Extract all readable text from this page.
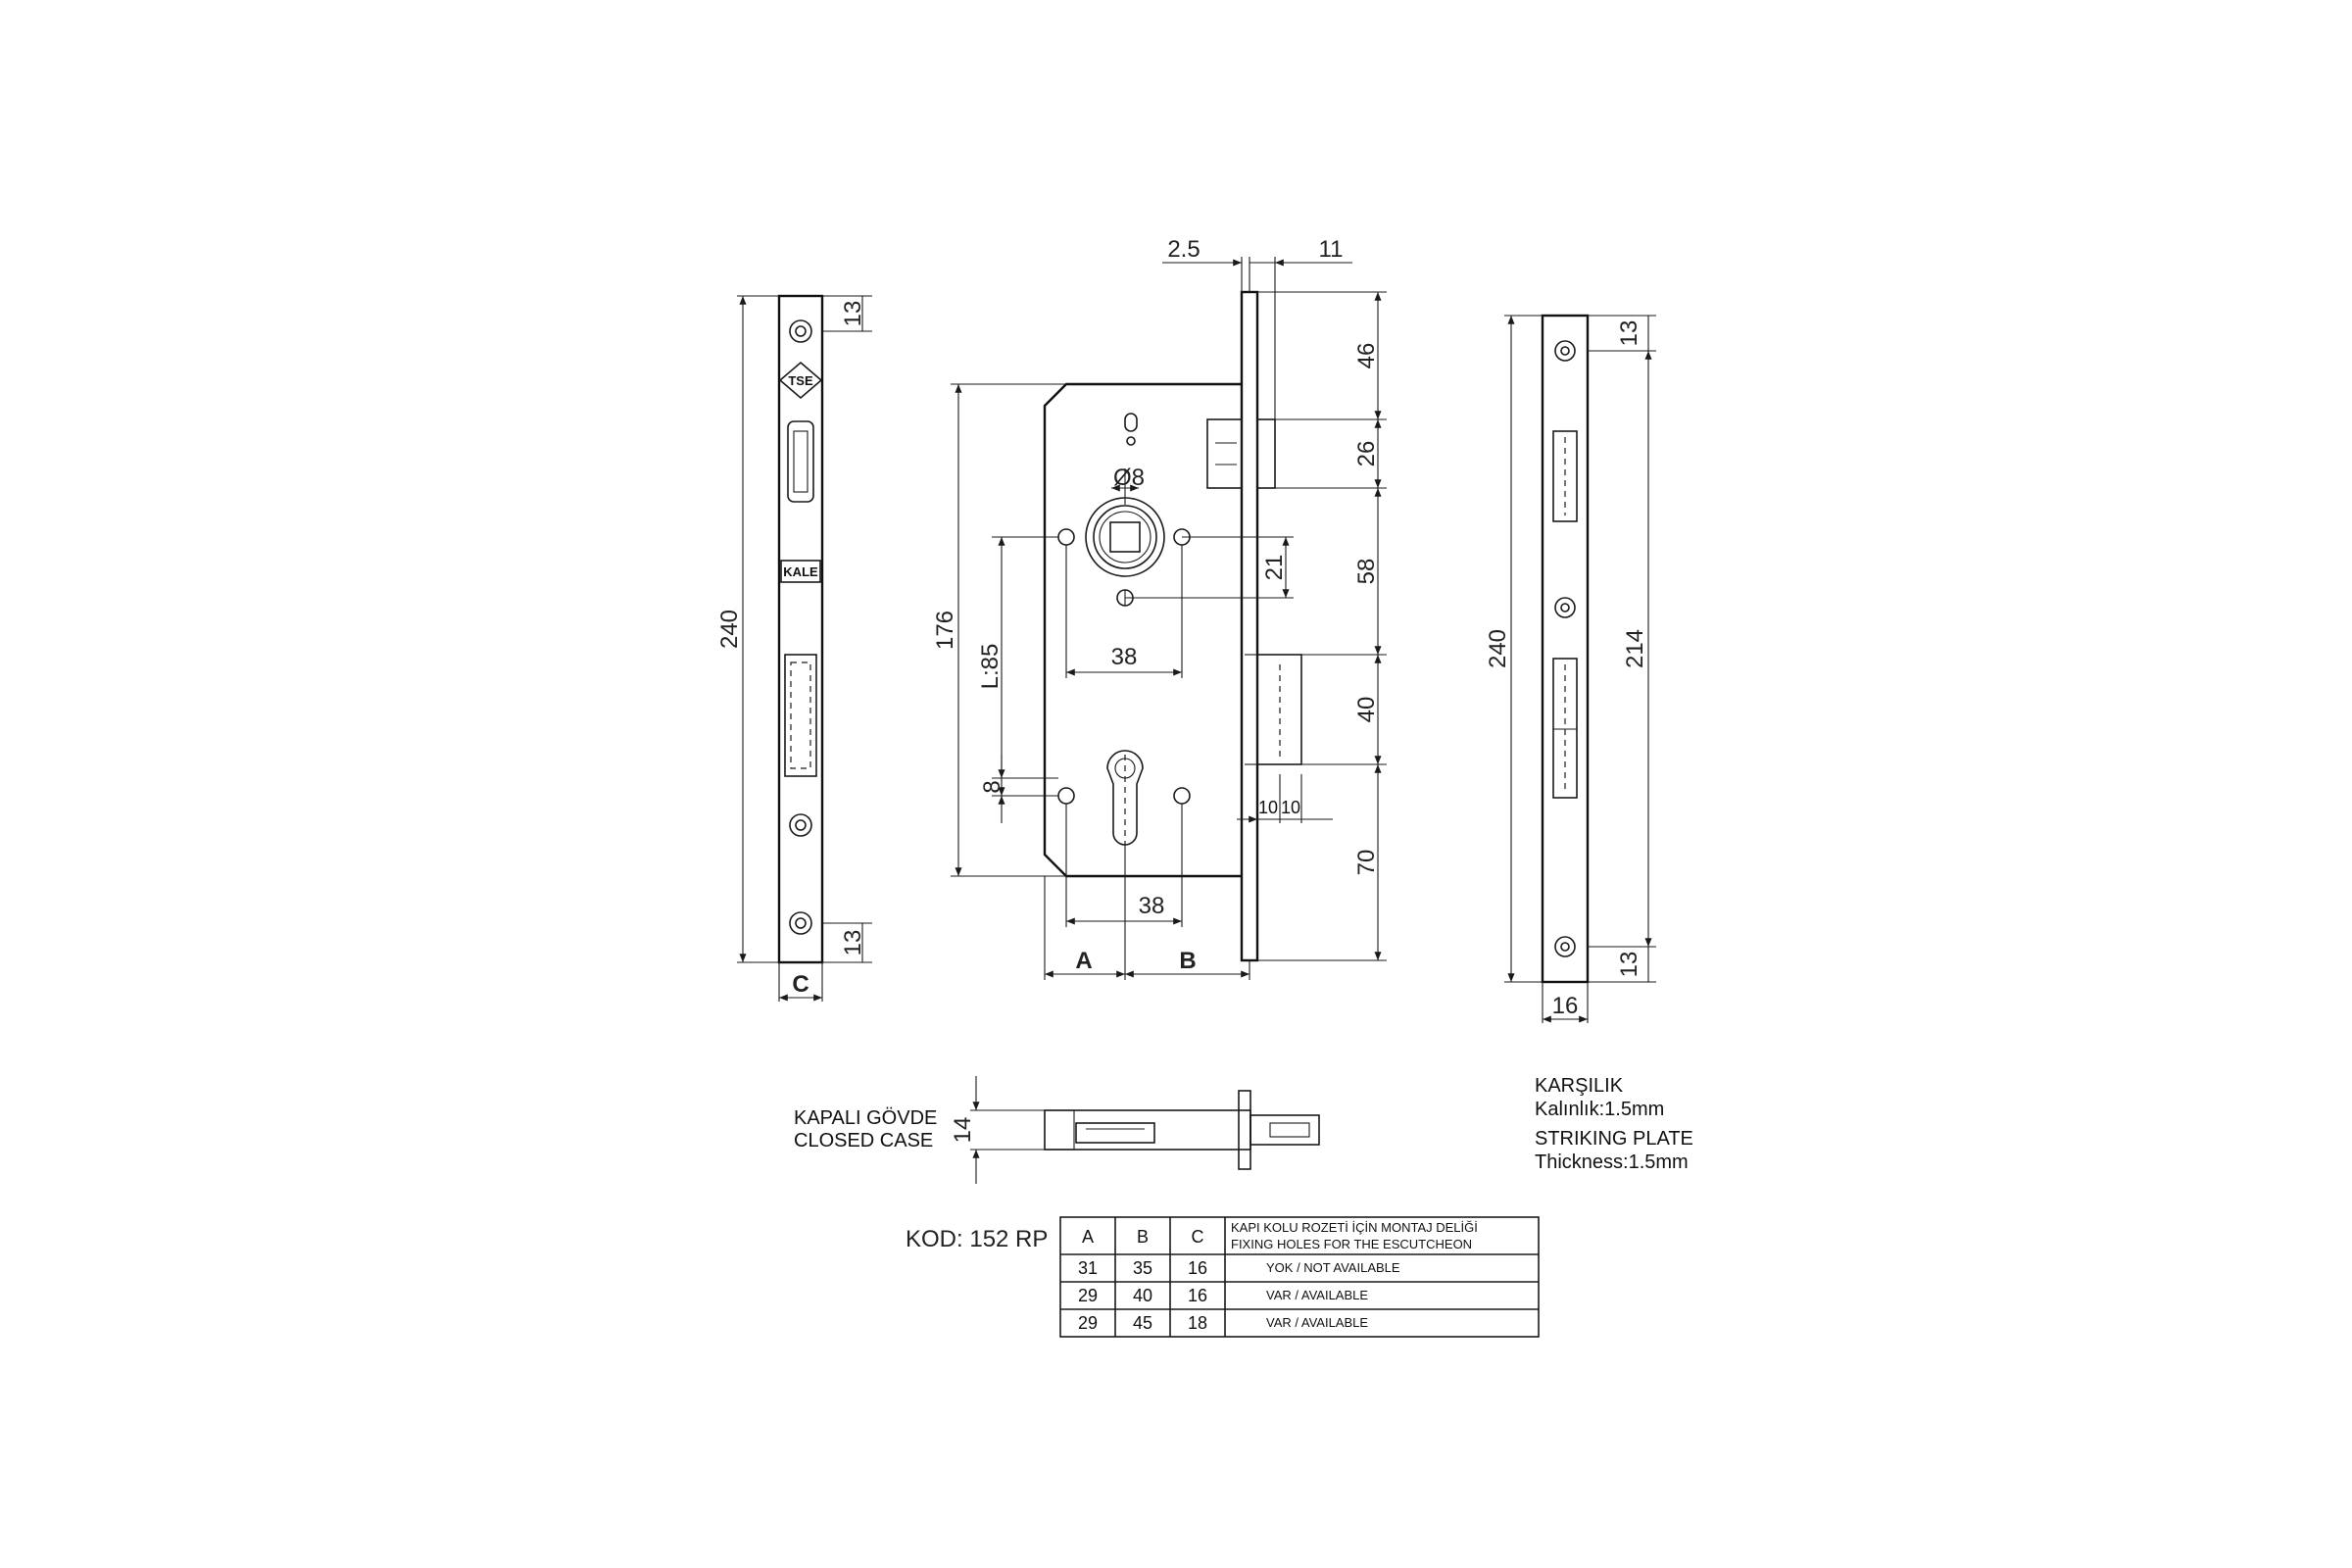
TSE
KALE
240
13
13
C
Ø8
2.5	11
46
26
58
40
70
21
176
L:85
8
38
38
10 10
A	B
240	214
13
13
16
14
KAPALI GÖVDE
CLOSED CASE
KARŞILIK
Kalınlık:1.5mm
STRIKING PLATE
Thickness:1.5mm
KOD: 152 RP A B C KAPI KOLU ROZETİ İÇİN MONTAJ DELİĞİ
FIXING HOLES FOR THE ESCUTCHEON
31 35 16	YOK / NOT AVAILABLE
29 40 16	VAR / AVAILABLE
29 45 18	VAR / AVAILABLE
